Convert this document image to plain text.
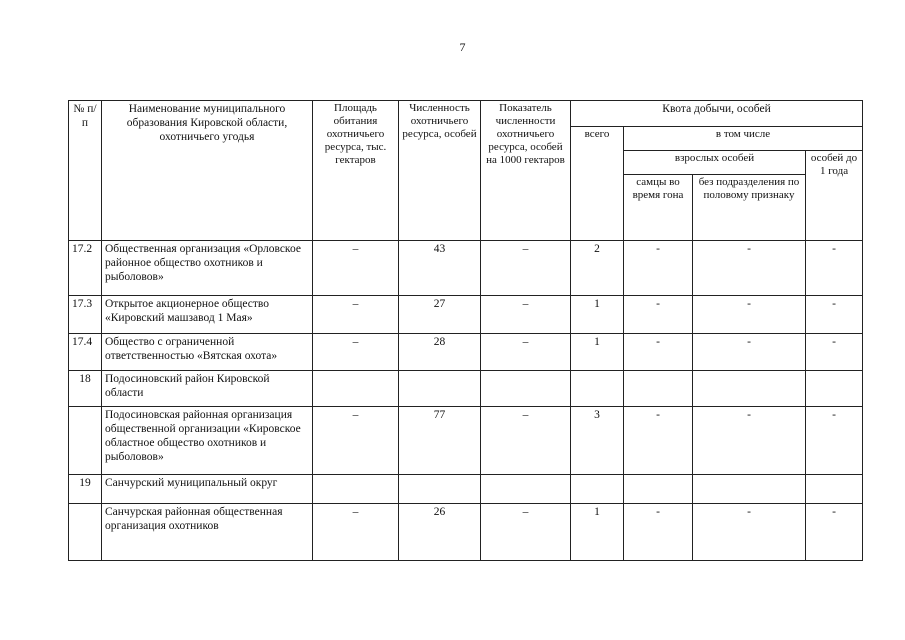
7
№ п/п	Наименование муниципального образования Кировской области, охотничьего угодья	Площадь обитания охотничьего ресурса, тыс. гектаров	Численность охотничьего ресурса, особей	Показатель численности охотничьего ресурса, особей на 1000 гектаров	Квота добычи, особей			
					всего	в том числе		
						взрослых особей		особей до 1 года
						самцы во время гона	без подразделения по половому признаку	
17.2	Общественная организация «Орловское районное общество охотников и рыболовов»	–	43	–	2	-	-	-
17.3	Открытое акционерное общество «Кировский машзавод 1 Мая»	–	27	–	1	-	-	-
17.4	Общество с ограниченной ответственностью «Вятская охота»	–	28	–	1	-	-	-
18	Подосиновский район Кировской области							
	Подосиновская районная организация общественной организации «Кировское областное общество охотников и рыболовов»	–	77	–	3	-	-	-
19	Санчурский муниципальный округ							
	Санчурская районная общественная организация охотников	–	26	–	1	-	-	-
